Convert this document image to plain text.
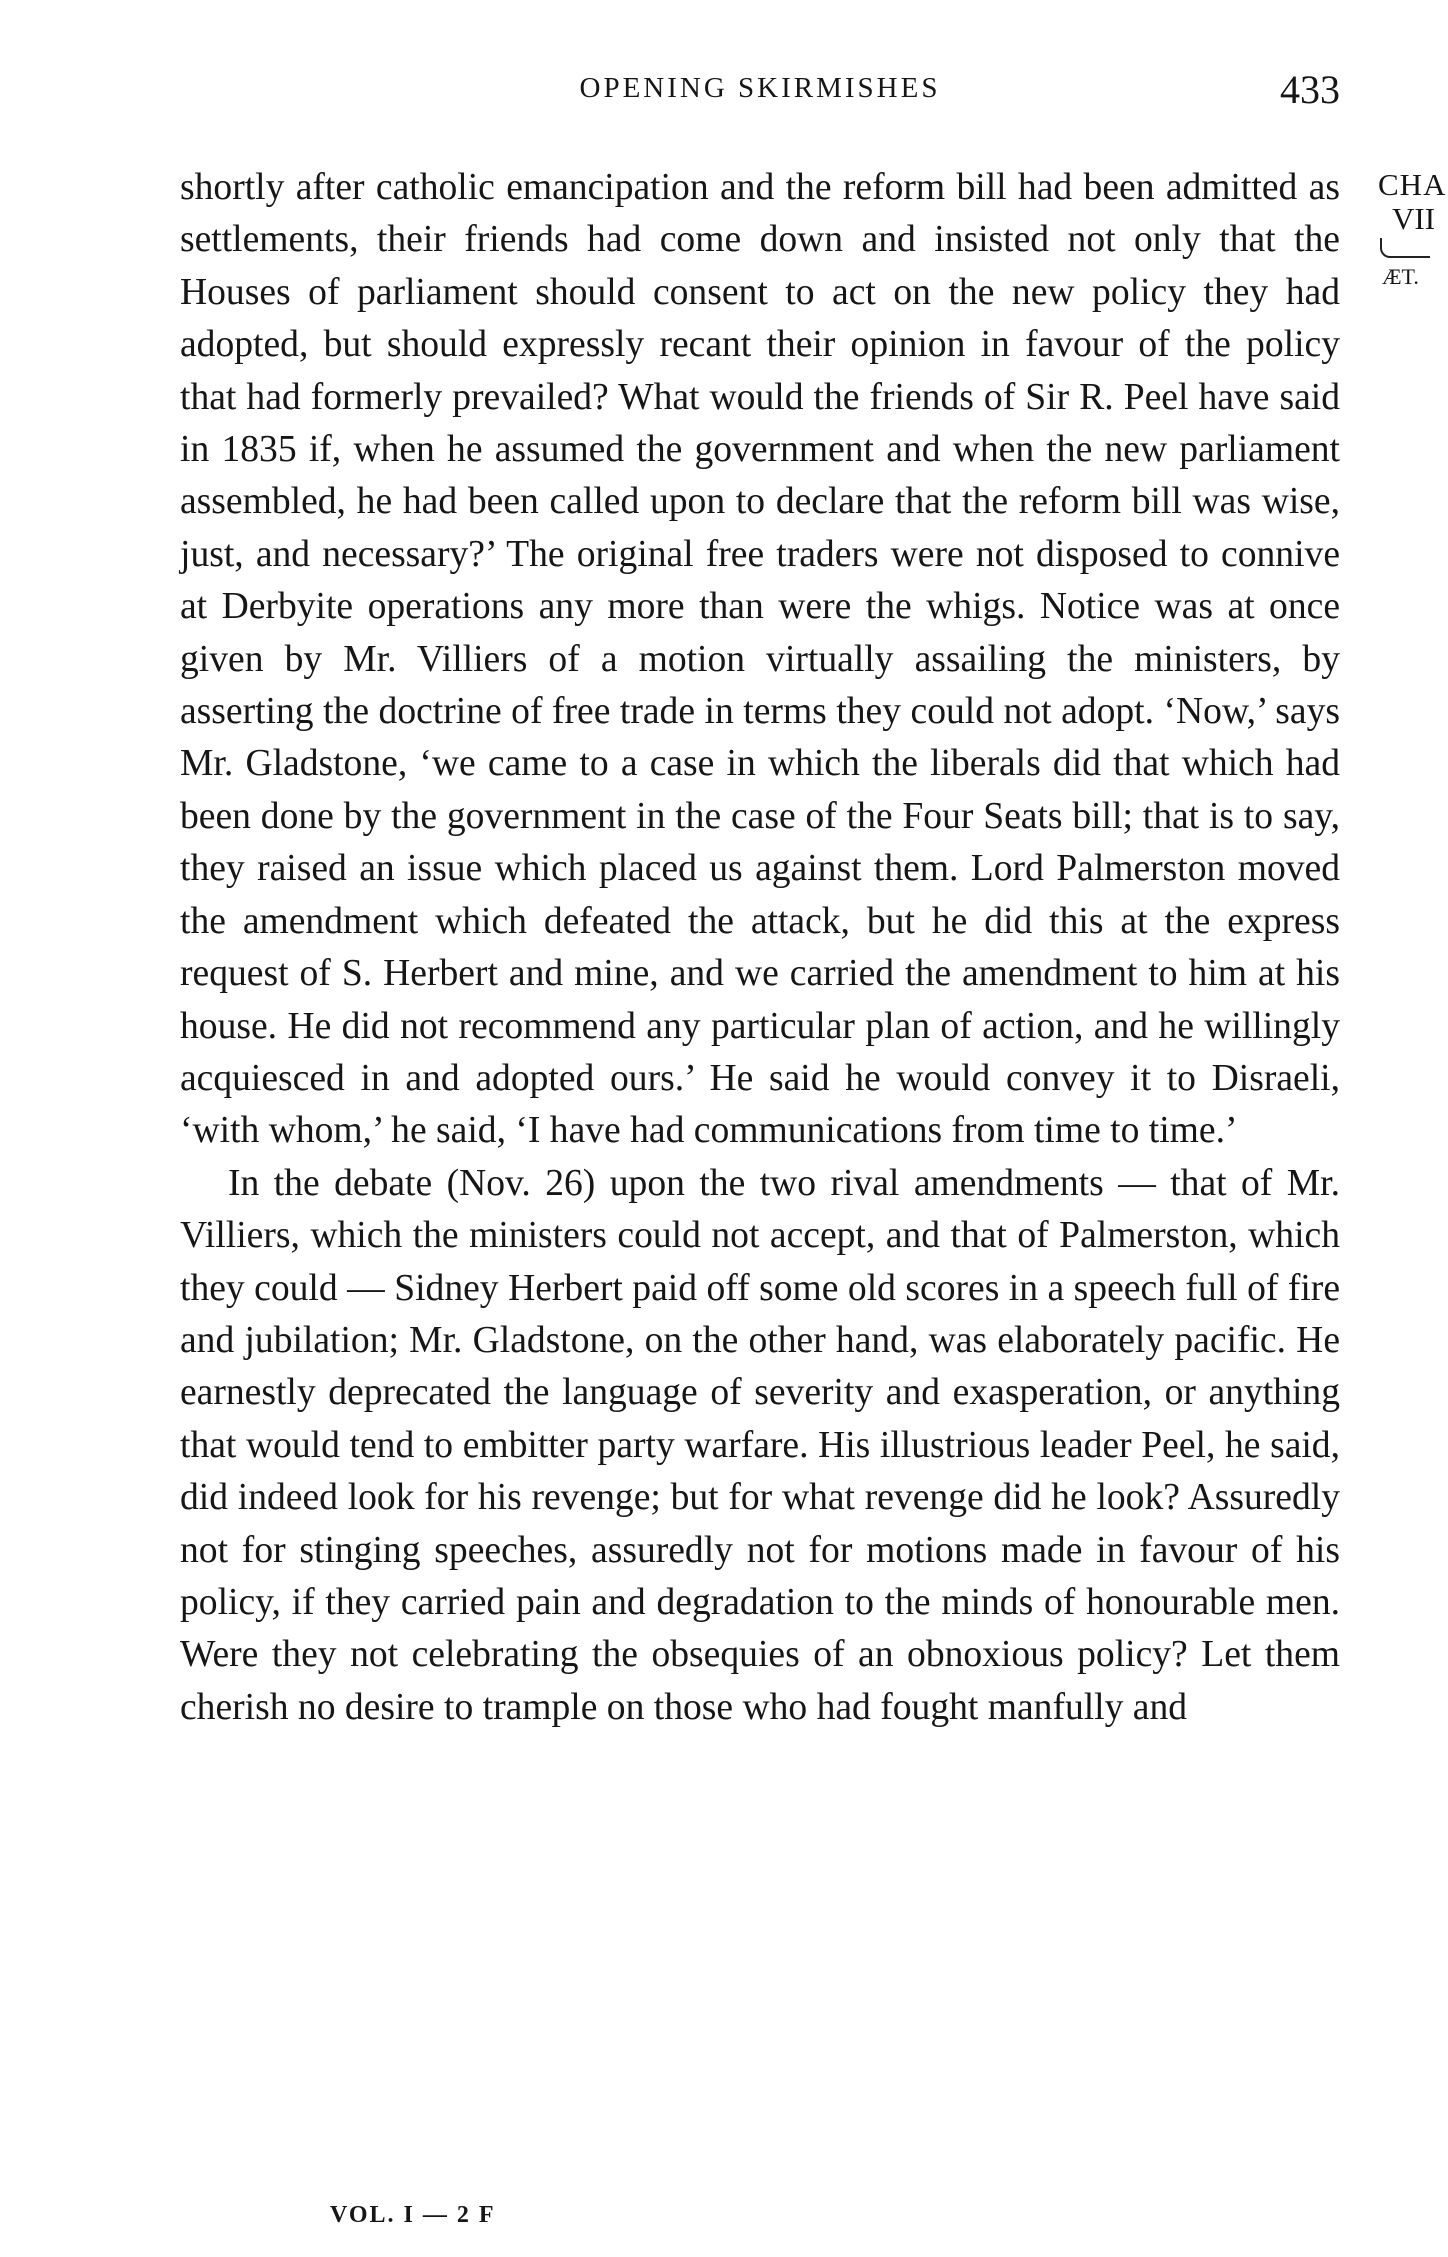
OPENING SKIRMISHES	433
CHA
VII
ÆT.

shortly after catholic emancipation and the reform bill had been admitted as settlements, their friends had come down and insisted not only that the Houses of parliament should consent to act on the new policy they had adopted, but should expressly recant their opinion in favour of the policy that had formerly prevailed? What would the friends of Sir R. Peel have said in 1835 if, when he assumed the government and when the new parliament assembled, he had been called upon to declare that the reform bill was wise, just, and necessary?’ The original free traders were not disposed to connive at Derbyite operations any more than were the whigs. Notice was at once given by Mr. Villiers of a motion virtually assailing the ministers, by asserting the doctrine of free trade in terms they could not adopt. ‘Now,’ says Mr. Gladstone, ‘we came to a case in which the liberals did that which had been done by the government in the case of the Four Seats bill; that is to say, they raised an issue which placed us against them. Lord Palmerston moved the amendment which defeated the attack, but he did this at the express request of S. Herbert and mine, and we carried the amendment to him at his house. He did not recommend any particular plan of action, and he willingly acquiesced in and adopted ours.’ He said he would convey it to Disraeli, ‘with whom,’ he said, ‘I have had communications from time to time.’

In the debate (Nov. 26) upon the two rival amendments — that of Mr. Villiers, which the ministers could not accept, and that of Palmerston, which they could — Sidney Herbert paid off some old scores in a speech full of fire and jubilation; Mr. Gladstone, on the other hand, was elaborately pacific. He earnestly deprecated the language of severity and exasperation, or anything that would tend to embitter party warfare. His illustrious leader Peel, he said, did indeed look for his revenge; but for what revenge did he look? Assuredly not for stinging speeches, assuredly not for motions made in favour of his policy, if they carried pain and degradation to the minds of honourable men. Were they not celebrating the obsequies of an obnoxious policy? Let them cherish no desire to trample on those who had fought manfully and

VOL. I — 2 F
